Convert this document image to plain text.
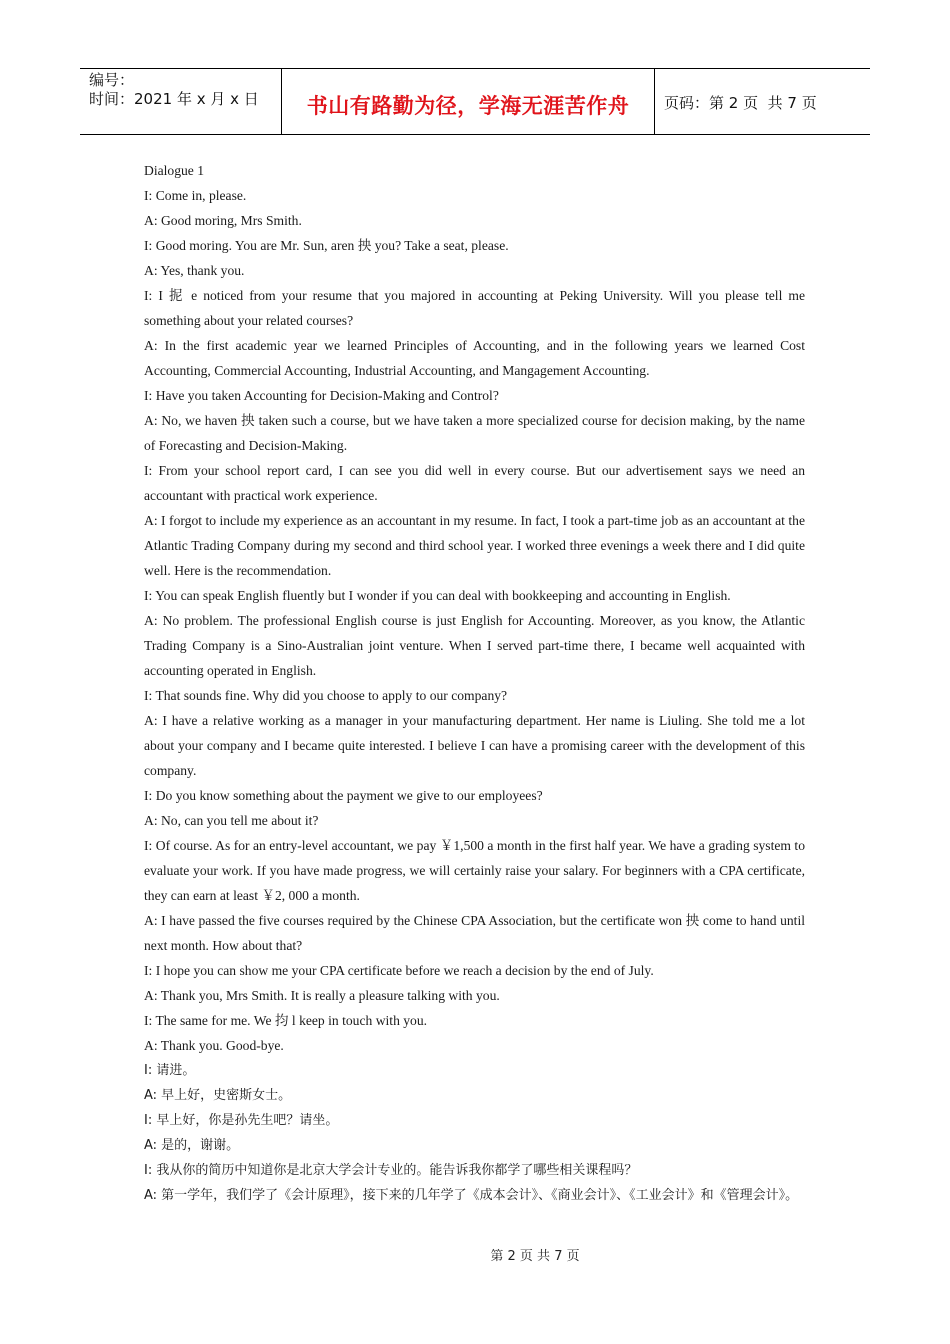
编号：
时间：2021 年 x 月 x 日	书山有路勤为径，学海无涯苦作舟 页码：第 2 页  共 7 页

Dialogue 1

I: Come in, please.

A: Good moring, Mrs Smith.

I: Good moring. You are Mr. Sun, aren 抰 you? Take a seat, please.

A: Yes, thank you.

I: I 抳 e noticed from your resume that you majored in accounting at Peking University. Will you please tell me something about your related courses?

A: In the first academic year we learned Principles of Accounting, and in the following years we learned Cost Accounting, Commercial Accounting, Industrial Accounting, and Mangagement Accounting.

I: Have you taken Accounting for Decision-Making and Control?

A: No, we haven 抰 taken such a course, but we have taken a more specialized course for decision making, by the name of Forecasting and Decision-Making.

I: From your school report card, I can see you did well in every course. But our advertisement says we need an accountant with practical work experience.

A: I forgot to include my experience as an accountant in my resume. In fact, I took a part-time job as an accountant at the Atlantic Trading Company during my second and third school year. I worked three evenings a week there and I did quite well. Here is the recommendation.

I: You can speak English fluently but I wonder if you can deal with bookkeeping and accounting in English.

A: No problem. The professional English course is just English for Accounting. Moreover, as you know, the Atlantic Trading Company is a Sino-Australian joint venture. When I served part-time there, I became well acquainted with accounting operated in English.

I: That sounds fine. Why did you choose to apply to our company?

A: I have a relative working as a manager in your manufacturing department. Her name is Liuling. She told me a lot about your company and I became quite interested. I believe I can have a promising career with the development of this company.

I: Do you know something about the payment we give to our employees?

A: No, can you tell me about it?

I: Of course. As for an entry-level accountant, we pay ￥1,500 a month in the first half year. We have a grading system to evaluate your work. If you have made progress, we will certainly raise your salary. For beginners with a CPA certificate, they can earn at least ￥2, 000 a month.

A: I have passed the five courses required by the Chinese CPA Association, but the certificate won 抰 come to hand until next month. How about that?

I: I hope you can show me your CPA certificate before we reach a decision by the end of July.

A: Thank you, Mrs Smith. It is really a pleasure talking with you.

I: The same for me. We 抣 l keep in touch with you.

A: Thank you. Good-bye.

I: 请进。

A: 早上好，史密斯女士。

I: 早上好，你是孙先生吧？请坐。

A: 是的，谢谢。

I: 我从你的简历中知道你是北京大学会计专业的。能告诉我你都学了哪些相关课程吗？

A: 第一学年，我们学了《会计原理》，接下来的几年学了《成本会计》、《商业会计》、《工业会计》和《管理会计》。

第 2 页 共 7 页
